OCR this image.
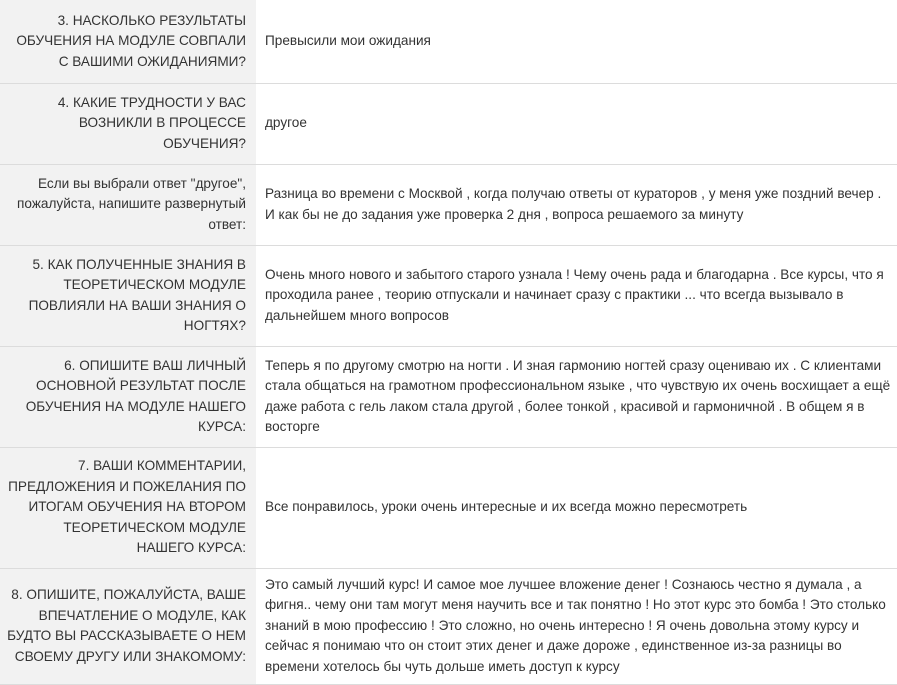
3. НАСКОЛЬКО РЕЗУЛЬТАТЫ ОБУЧЕНИЯ НА МОДУЛЕ СОВПАЛИ С ВАШИМИ ОЖИДАНИЯМИ?	Превысили мои ожидания
4. КАКИЕ ТРУДНОСТИ У ВАС ВОЗНИКЛИ В ПРОЦЕССЕ ОБУЧЕНИЯ?	другое
Если вы выбрали ответ "другое", пожалуйста, напишите развернутый ответ:	Разница во времени с Москвой , когда получаю ответы от кураторов , у меня уже поздний вечер . И как бы не до задания уже проверка 2 дня , вопроса решаемого за минуту
5. КАК ПОЛУЧЕННЫЕ ЗНАНИЯ В ТЕОРЕТИЧЕСКОМ МОДУЛЕ ПОВЛИЯЛИ НА ВАШИ ЗНАНИЯ О НОГТЯХ?	Очень много нового и забытого старого узнала ! Чему очень рада и благодарна . Все курсы, что я проходила ранее , теорию отпускали и начинает сразу с практики ... что всегда вызывало в дальнейшем много вопросов
6. ОПИШИТЕ ВАШ ЛИЧНЫЙ ОСНОВНОЙ РЕЗУЛЬТАТ ПОСЛЕ ОБУЧЕНИЯ НА МОДУЛЕ НАШЕГО КУРСА:	Теперь я по другому смотрю на ногти . И зная гармонию ногтей сразу оцениваю их . С клиентами стала общаться на грамотном профессиональном языке , что чувствую их очень восхищает а ещё даже работа с гель лаком стала другой , более тонкой , красивой и гармоничной . В общем я в восторге
7. ВАШИ КОММЕНТАРИИ, ПРЕДЛОЖЕНИЯ И ПОЖЕЛАНИЯ ПО ИТОГАМ ОБУЧЕНИЯ НА ВТОРОМ ТЕОРЕТИЧЕСКОМ МОДУЛЕ НАШЕГО КУРСА:	Все понравилось, уроки очень интересные и их всегда можно пересмотреть
8. ОПИШИТЕ, ПОЖАЛУЙСТА, ВАШЕ ВПЕЧАТЛЕНИЕ О МОДУЛЕ, КАК БУДТО ВЫ РАССКАЗЫВАЕТЕ О НЕМ СВОЕМУ ДРУГУ ИЛИ ЗНАКОМОМУ:	Это самый лучший курс! И самое мое лучшее вложение денег ! Сознаюсь честно я думала , а фигня.. чему они там могут меня научить все и так понятно ! Но этот курс это бомба ! Это столько знаний в мою профессию ! Это сложно, но очень интересно ! Я очень довольна этому курсу и сейчас я понимаю что он стоит этих денег и даже дороже , единственное из-за разницы во времени хотелось бы чуть дольше иметь доступ к курсу
